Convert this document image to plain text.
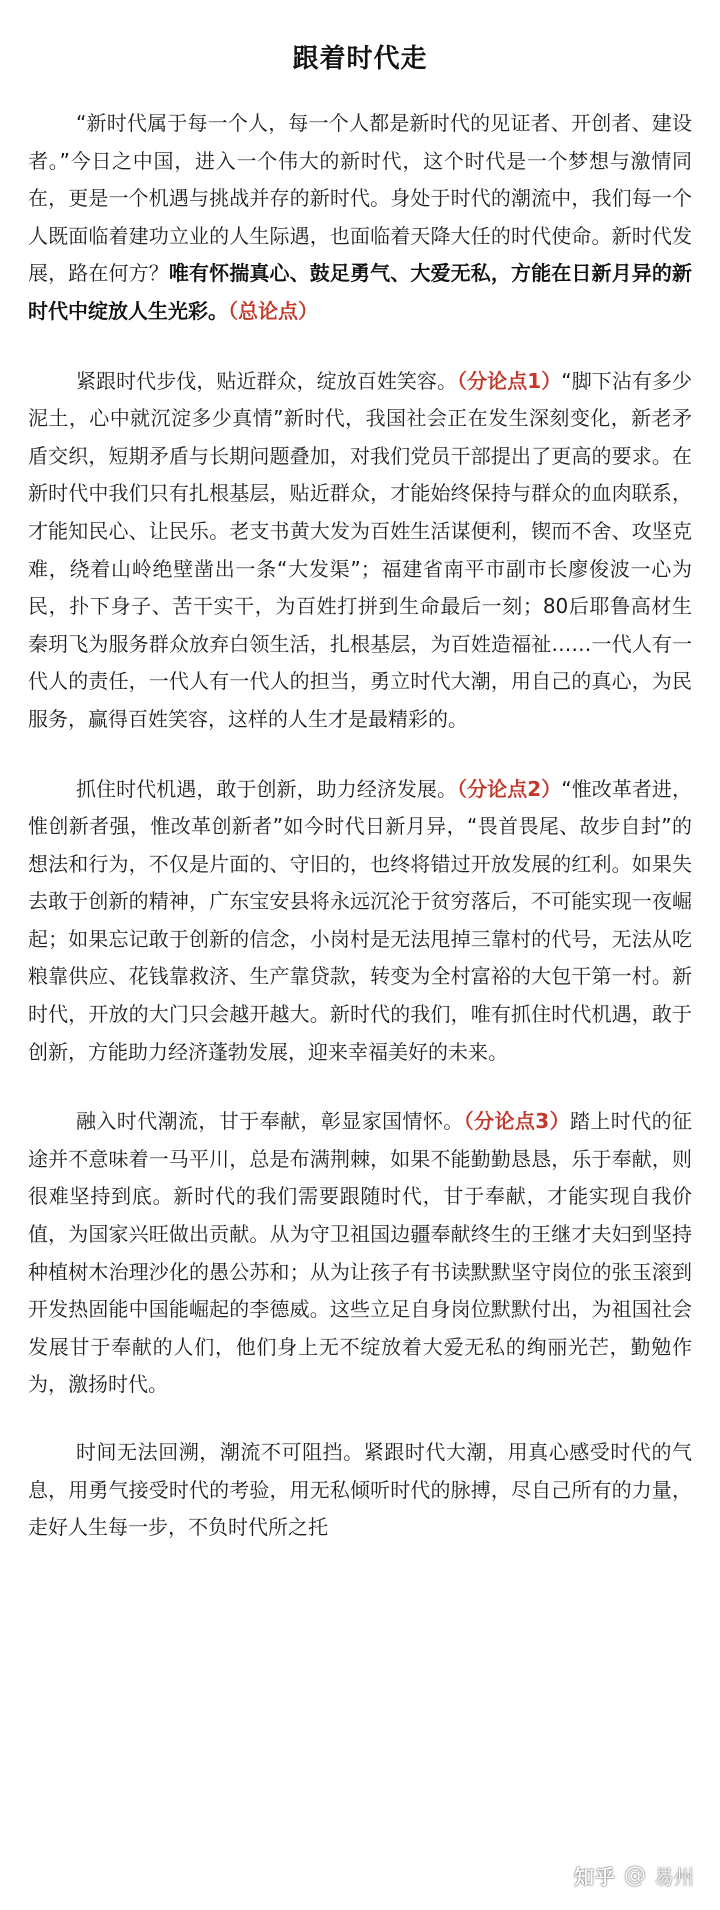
跟着时代走

“新时代属于每一个人，每一个人都是新时代的见证者、开创者、建设者。”今日之中国，进入一个伟大的新时代，这个时代是一个梦想与激情同在，更是一个机遇与挑战并存的新时代。身处于时代的潮流中，我们每一个人既面临着建功立业的人生际遇，也面临着天降大任的时代使命。新时代发展，路在何方？唯有怀揣真心、鼓足勇气、大爱无私，方能在日新月异的新时代中绽放人生光彩。（总论点）

紧跟时代步伐，贴近群众，绽放百姓笑容。（分论点1）“脚下沾有多少泥土，心中就沉淀多少真情”新时代，我国社会正在发生深刻变化，新老矛盾交织，短期矛盾与长期问题叠加，对我们党员干部提出了更高的要求。在新时代中我们只有扎根基层，贴近群众，才能始终保持与群众的血肉联系，才能知民心、让民乐。老支书黄大发为百姓生活谋便利，锲而不舍、攻坚克难，绕着山岭绝壁凿出一条“大发渠”；福建省南平市副市长廖俊波一心为民，扑下身子、苦干实干，为百姓打拼到生命最后一刻；80后耶鲁高材生秦玥飞为服务群众放弃白领生活，扎根基层，为百姓造福祉……一代人有一代人的责任，一代人有一代人的担当，勇立时代大潮，用自己的真心，为民服务，赢得百姓笑容，这样的人生才是最精彩的。

抓住时代机遇，敢于创新，助力经济发展。（分论点2）“惟改革者进，惟创新者强，惟改革创新者”如今时代日新月异，“畏首畏尾、故步自封”的想法和行为，不仅是片面的、守旧的，也终将错过开放发展的红利。如果失去敢于创新的精神，广东宝安县将永远沉沦于贫穷落后，不可能实现一夜崛起；如果忘记敢于创新的信念，小岗村是无法甩掉三靠村的代号，无法从吃粮靠供应、花钱靠救济、生产靠贷款，转变为全村富裕的大包干第一村。新时代，开放的大门只会越开越大。新时代的我们，唯有抓住时代机遇，敢于创新，方能助力经济蓬勃发展，迎来幸福美好的未来。

融入时代潮流，甘于奉献，彰显家国情怀。（分论点3）踏上时代的征途并不意味着一马平川，总是布满荆棘，如果不能勤勤恳恳，乐于奉献，则很难坚持到底。新时代的我们需要跟随时代，甘于奉献，才能实现自我价值，为国家兴旺做出贡献。从为守卫祖国边疆奉献终生的王继才夫妇到坚持种植树木治理沙化的愚公苏和；从为让孩子有书读默默坚守岗位的张玉滚到开发热固能中国能崛起的李德威。这些立足自身岗位默默付出，为祖国社会发展甘于奉献的人们，他们身上无不绽放着大爱无私的绚丽光芒，勤勉作为，激扬时代。

时间无法回溯，潮流不可阻挡。紧跟时代大潮，用真心感受时代的气息，用勇气接受时代的考验，用无私倾听时代的脉搏，尽自己所有的力量，走好人生每一步，不负时代所之托

知乎 @ 易州
